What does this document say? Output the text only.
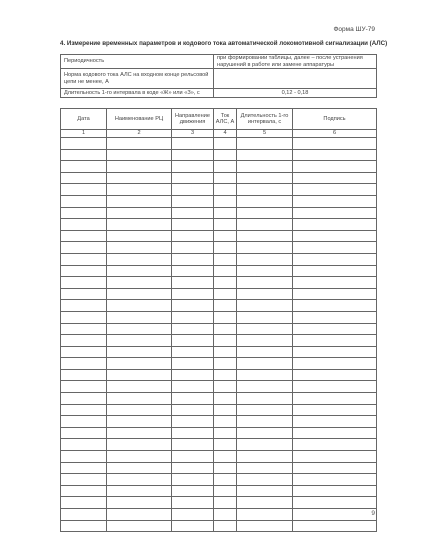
Форма ШУ-79
4. Измерение временных параметров и кодового тока автоматической локомотивной сигнализации (АЛС)
Периодичность	при формировании таблицы, далее – после устранения нарушений в работе или замене аппаратуры
Норма кодового тока АЛС на входном конце рельсовой цепи не менее, А	
Длительность 1-го интервала в коде «Ж» или «З», с	0,12 - 0,18
Дата	Наименование РЦ	Направление движения	Ток АЛС, А	Длительность 1-го интервала, с	Подпись
1	2	3	4	5	6

9
